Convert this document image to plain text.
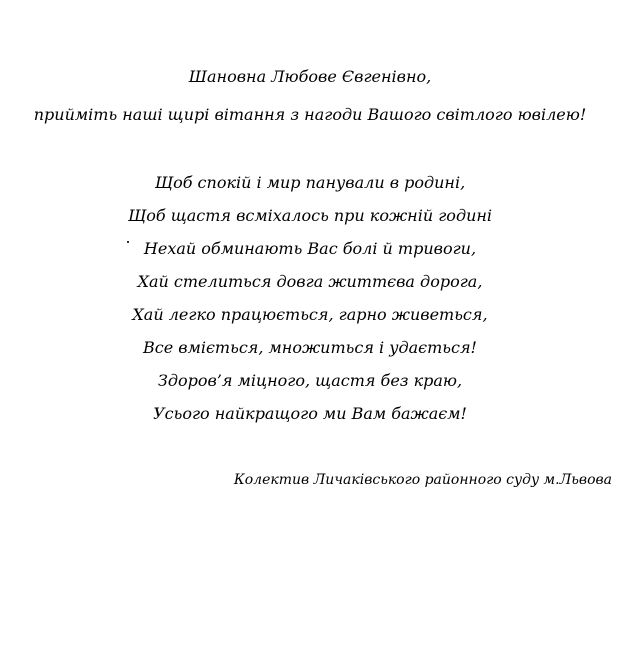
Шановна Любове Євгенівно,
прийміть наші щирі вітання з нагоди Вашого світлого ювілею!
Щоб спокій і мир панували в родині,
Щоб щастя всміхалось при кожній годині
Нехай обминають Вас болі й тривоги,
Хай стелиться довга життєва дорога,
Хай легко працюється, гарно живеться,
Все вміється, множиться і удається!
Здоров’я міцного, щастя без краю,
Усього найкращого ми Вам бажаєм!
Колектив Личаківського районного суду м.Львова
